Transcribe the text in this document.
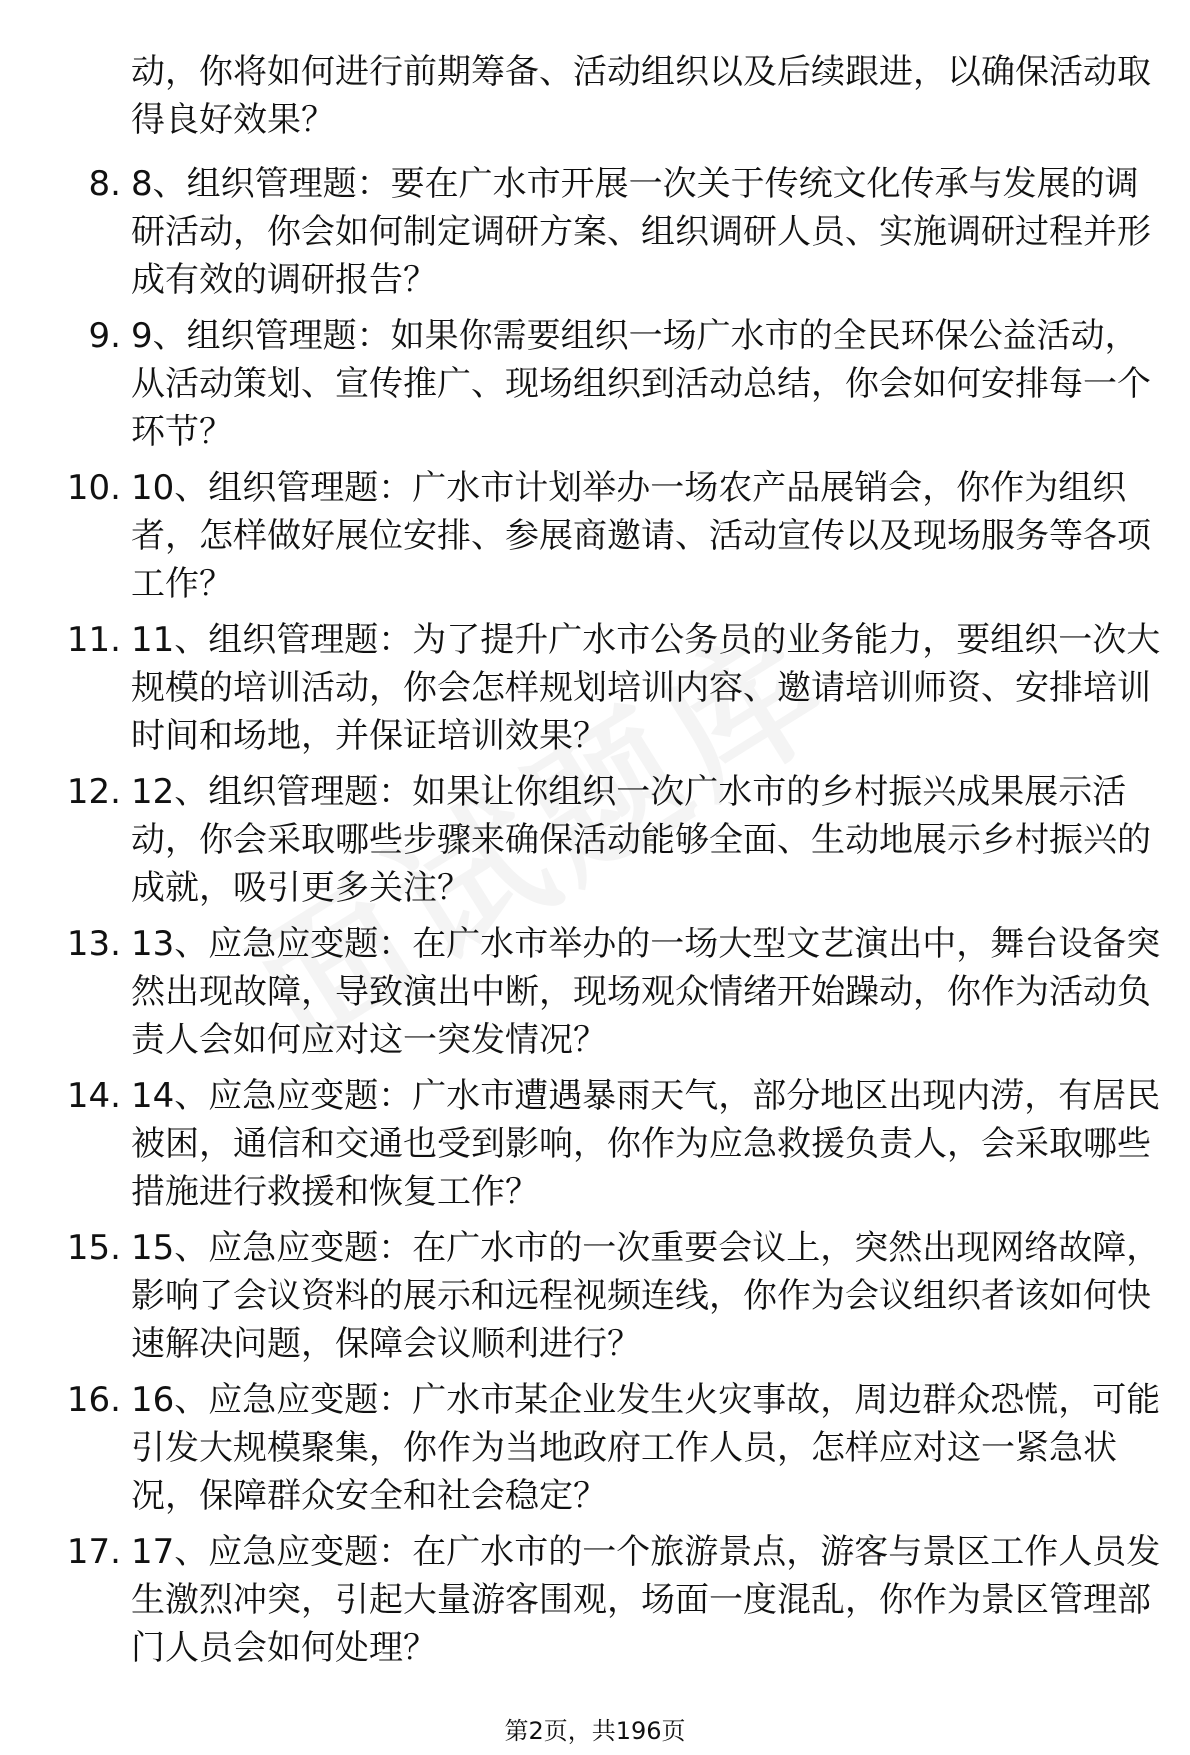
动，你将如何进行前期筹备、活动组织以及后续跟进，以确保活动取得良好效果？
8. 8、组织管理题：要在广水市开展一次关于传统文化传承与发展的调研活动，你会如何制定调研方案、组织调研人员、实施调研过程并形成有效的调研报告？
9. 9、组织管理题：如果你需要组织一场广水市的全民环保公益活动，从活动策划、宣传推广、现场组织到活动总结，你会如何安排每一个环节？
10. 10、组织管理题：广水市计划举办一场农产品展销会，你作为组织者，怎样做好展位安排、参展商邀请、活动宣传以及现场服务等各项工作？
11. 11、组织管理题：为了提升广水市公务员的业务能力，要组织一次大规模的培训活动，你会怎样规划培训内容、邀请培训师资、安排培训时间和场地，并保证培训效果？
12. 12、组织管理题：如果让你组织一次广水市的乡村振兴成果展示活动，你会采取哪些步骤来确保活动能够全面、生动地展示乡村振兴的成就，吸引更多关注？
13. 13、应急应变题：在广水市举办的一场大型文艺演出中，舞台设备突然出现故障，导致演出中断，现场观众情绪开始躁动，你作为活动负责人会如何应对这一突发情况？
14. 14、应急应变题：广水市遭遇暴雨天气，部分地区出现内涝，有居民被困，通信和交通也受到影响，你作为应急救援负责人，会采取哪些措施进行救援和恢复工作？
15. 15、应急应变题：在广水市的一次重要会议上，突然出现网络故障，影响了会议资料的展示和远程视频连线，你作为会议组织者该如何快速解决问题，保障会议顺利进行？
16. 16、应急应变题：广水市某企业发生火灾事故，周边群众恐慌，可能引发大规模聚集，你作为当地政府工作人员，怎样应对这一紧急状况，保障群众安全和社会稳定？
17. 17、应急应变题：在广水市的一个旅游景点，游客与景区工作人员发生激烈冲突，引起大量游客围观，场面一度混乱，你作为景区管理部门人员会如何处理？
第2页，共196页
